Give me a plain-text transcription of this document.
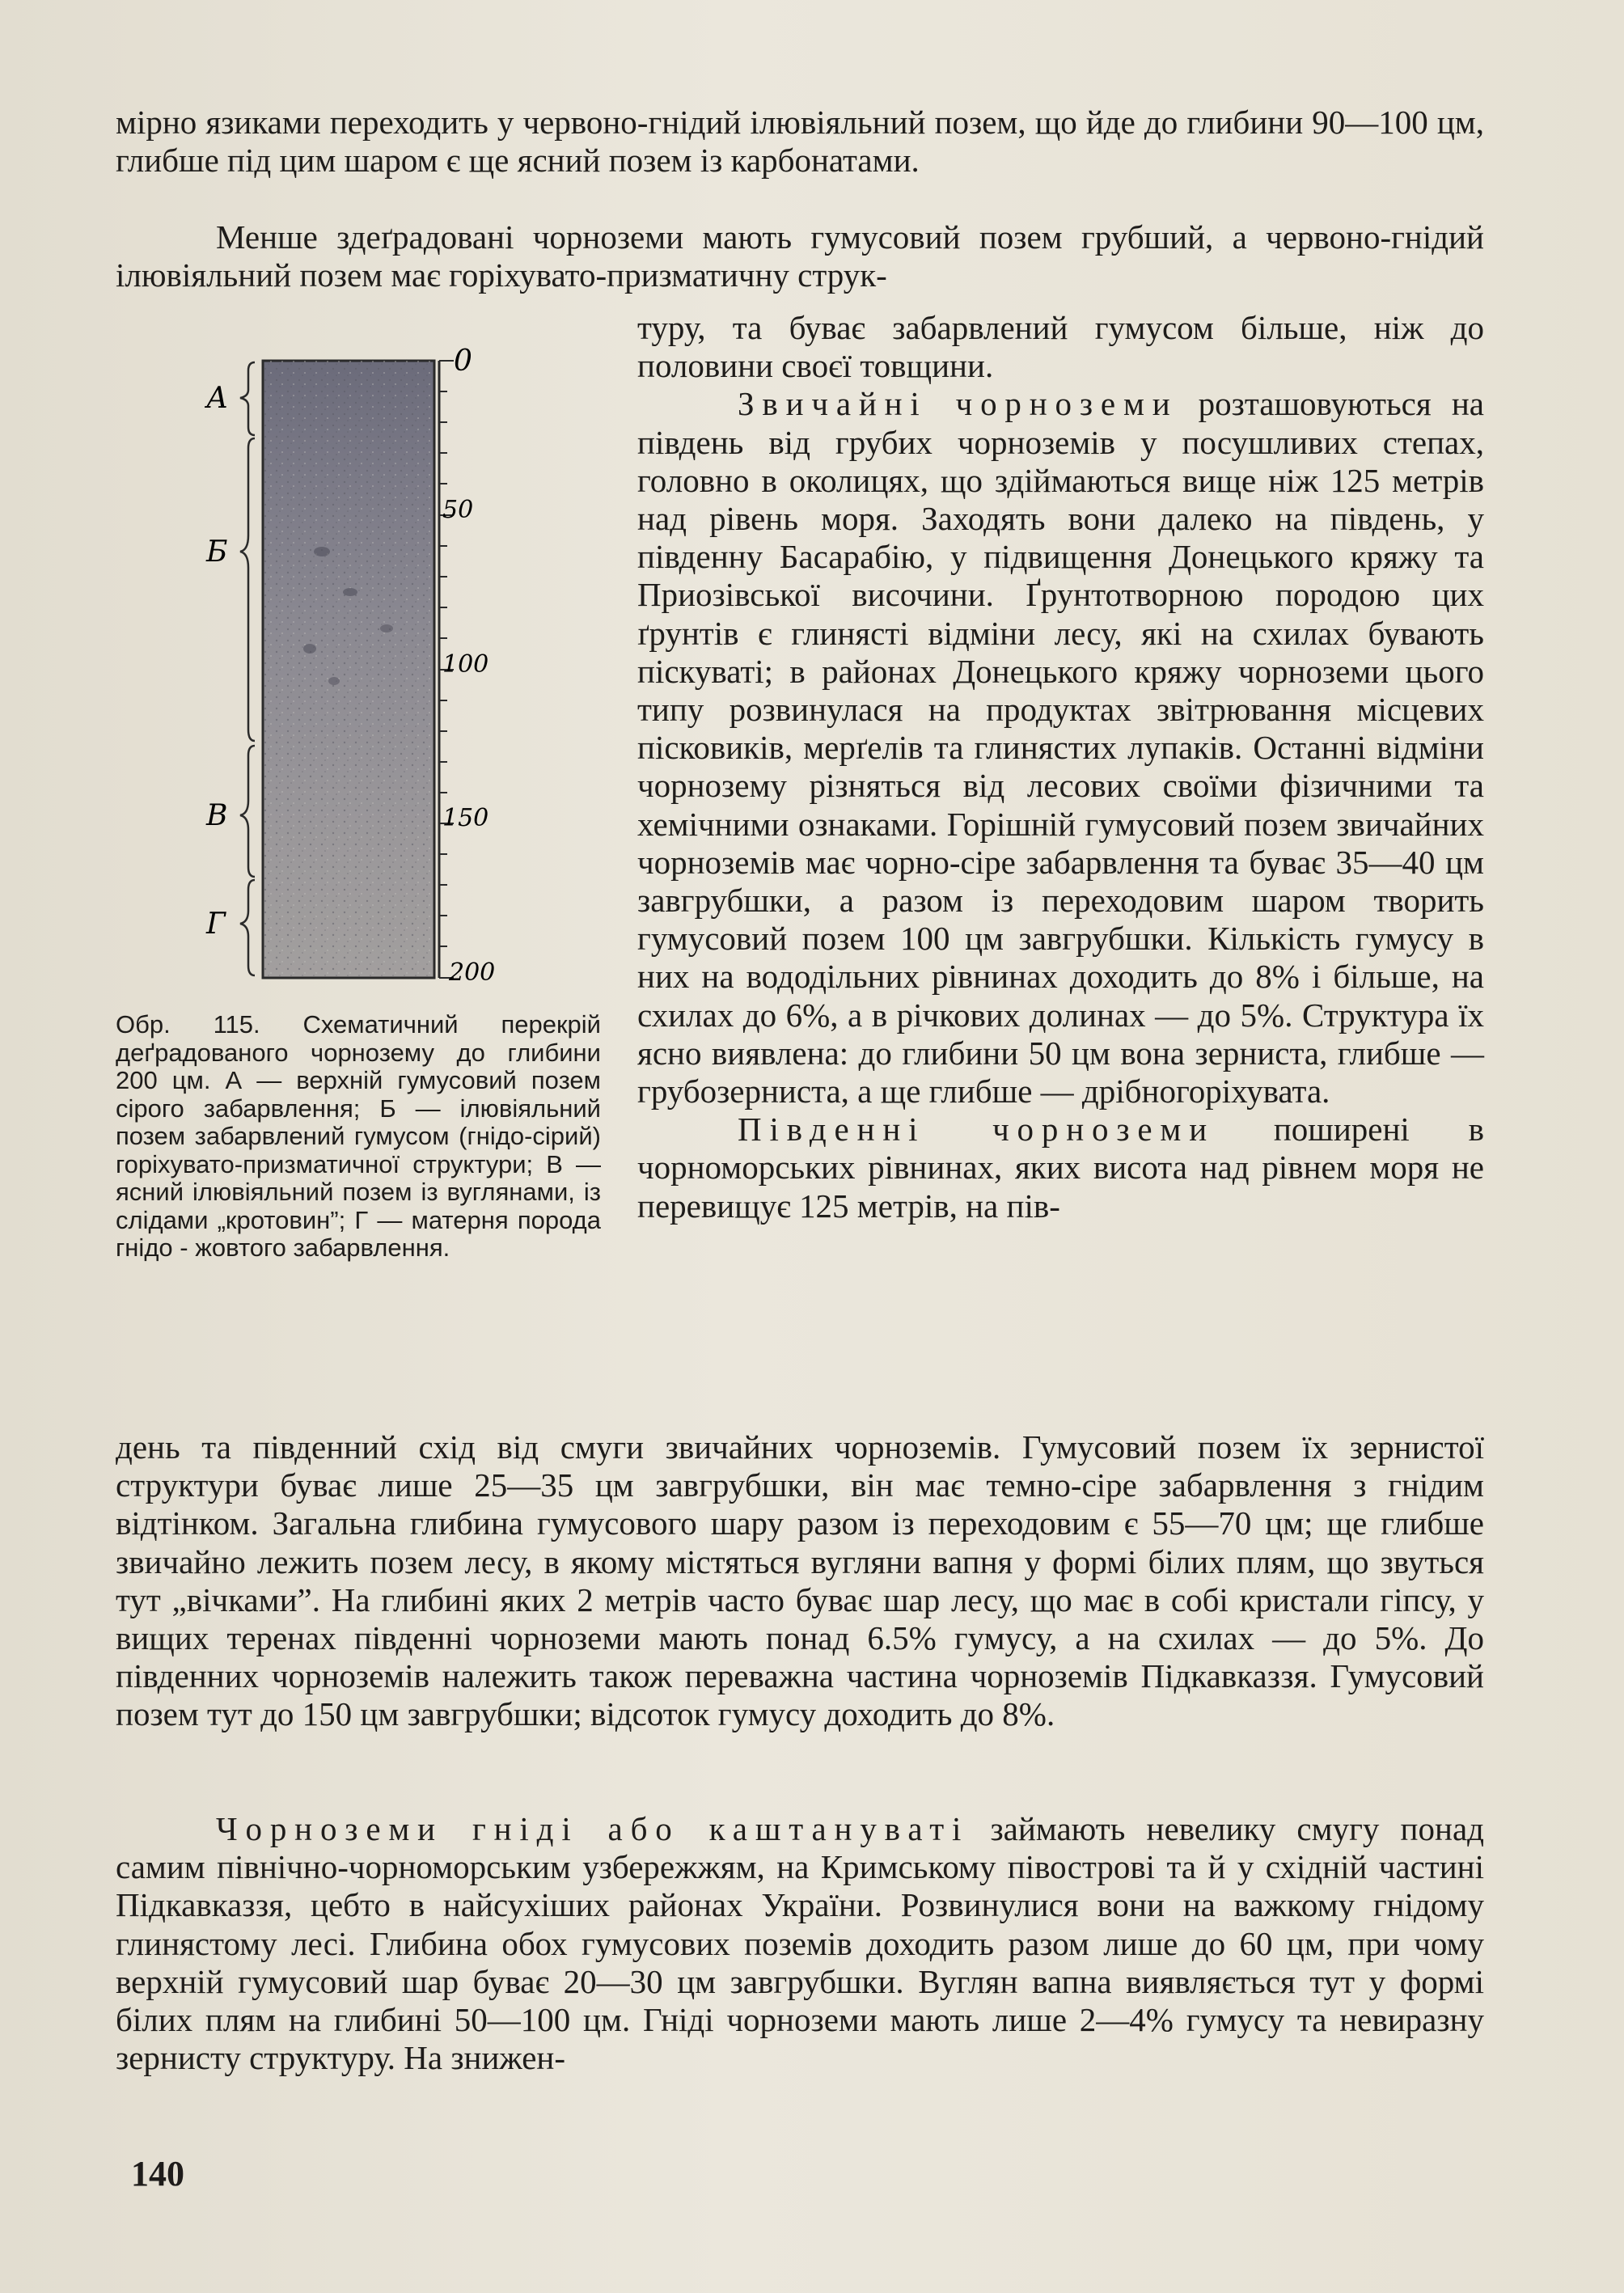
мірно язиками переходить у червоно-гнідий ілювіяльний позем, що йде до глибини 90—100 цм, глибше під цим шаром є ще ясний позем із карбонатами.

Менше здеґрадовані чорноземи мають гумусовий позем грубший, а червоно-гнідий ілювіяльний позем має горіхувато-призматичну струк-

0
50
100
150
200
А
Б
В
Г

Обр. 115. Схематичний перекрій деґрадованого чорнозему до глибини 200 цм. А — верхній гумусовий позем сірого забарвлення; Б — ілювіяльний позем забарвлений гумусом (гнідо-сірий) горіхувато-призматичної структури; В — ясний ілювіяльний позем із вуглянами, із слідами „кротовин”; Г — матерня порода гнідо - жовтого забарвлення.

туру, та буває забарвлений гумусом більше, ніж до половини своєї товщини.

Звичайні чорноземи розташовуються на південь від грубих чорноземів у посушливих степах, головно в околицях, що здіймаються вище ніж 125 метрів над рівень моря. Заходять вони далеко на південь, у південну Басарабію, у підвищення Донецького кряжу та Приозівської височини. Ґрунтотворною породою цих ґрунтів є глинясті відміни лесу, які на схилах бувають піскуваті; в районах Донецького кряжу чорноземи цього типу розвинулася на продуктах звітрювання місцевих пісковиків, мерґелів та глинястих лупаків. Останні відміни чорнозему різняться від лесових своїми фізичними та хемічними ознаками. Горішній гумусовий позем звичайних чорноземів має чорно-сіре забарвлення та буває 35—40 цм завгрубшки, а разом із переходовим шаром творить гумусовий позем 100 цм завгрубшки. Кількість гумусу в них на вододільних рівнинах доходить до 8% і більше, на схилах до 6%, а в річкових долинах — до 5%. Структура їх ясно виявлена: до глибини 50 цм вона зерниста, глибше — грубозерниста, а ще глибше — дрібногоріхувата.

Південні чорноземи поширені в чорноморських рівнинах, яких висота над рівнем моря не перевищує 125 метрів, на пів-

день та південний схід від смуги звичайних чорноземів. Гумусовий позем їх зернистої структури буває лише 25—35 цм завгрубшки, він має темно-сіре забарвлення з гнідим відтінком. Загальна глибина гумусового шару разом із переходовим є 55—70 цм; ще глибше звичайно лежить позем лесу, в якому містяться вугляни вапня у формі білих плям, що звуться тут „вічками”. На глибині яких 2 метрів часто буває шар лесу, що має в собі кристали гіпсу, у вищих теренах південні чорноземи мають понад 6.5% гумусу, а на схилах — до 5%. До південних чорноземів належить також переважна частина чорноземів Підкавказзя. Гумусовий позем тут до 150 цм завгрубшки; відсоток гумусу доходить до 8%.

Чорноземи гніді або каштануваті займають невелику смугу понад самим північно-чорноморським узбережжям, на Кримському півострові та й у східній частині Підкавказзя, цебто в найсухіших районах України. Розвинулися вони на важкому гнідому глинястому лесі. Глибина обох гумусових поземів доходить разом лише до 60 цм, при чому верхній гумусовий шар буває 20—30 цм завгрубшки. Вуглян вапна виявляється тут у формі білих плям на глибині 50—100 цм. Гніді чорноземи мають лише 2—4% гумусу та невиразну зернисту структуру. На знижен-

140
